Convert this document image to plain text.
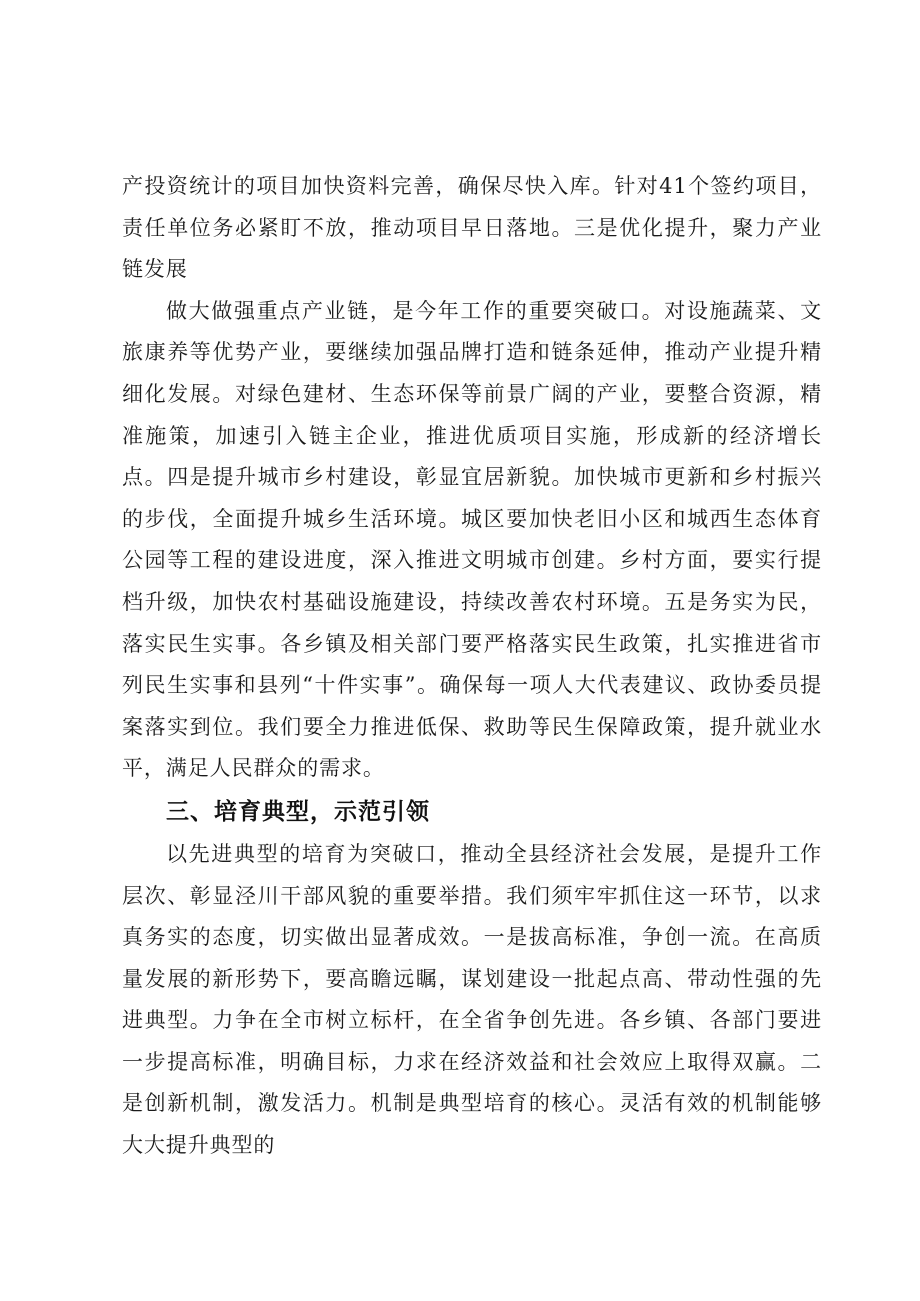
产投资统计的项目加快资料完善，确保尽快入库。针对41个签约项目，责任单位务必紧盯不放，推动项目早日落地。三是优化提升，聚力产业链发展

做大做强重点产业链，是今年工作的重要突破口。对设施蔬菜、文旅康养等优势产业，要继续加强品牌打造和链条延伸，推动产业提升精细化发展。对绿色建材、生态环保等前景广阔的产业，要整合资源，精准施策，加速引入链主企业，推进优质项目实施，形成新的经济增长点。四是提升城市乡村建设，彰显宜居新貌。加快城市更新和乡村振兴的步伐，全面提升城乡生活环境。城区要加快老旧小区和城西生态体育公园等工程的建设进度，深入推进文明城市创建。乡村方面，要实行提档升级，加快农村基础设施建设，持续改善农村环境。五是务实为民，落实民生实事。各乡镇及相关部门要严格落实民生政策，扎实推进省市列民生实事和县列“十件实事”。确保每一项人大代表建议、政协委员提案落实到位。我们要全力推进低保、救助等民生保障政策，提升就业水平，满足人民群众的需求。

三、培育典型，示范引领

以先进典型的培育为突破口，推动全县经济社会发展，是提升工作层次、彰显泾川干部风貌的重要举措。我们须牢牢抓住这一环节，以求真务实的态度，切实做出显著成效。一是拔高标准，争创一流。在高质量发展的新形势下，要高瞻远瞩，谋划建设一批起点高、带动性强的先进典型。力争在全市树立标杆，在全省争创先进。各乡镇、各部门要进一步提高标准，明确目标，力求在经济效益和社会效应上取得双赢。二是创新机制，激发活力。机制是典型培育的核心。灵活有效的机制能够大大提升典型的
